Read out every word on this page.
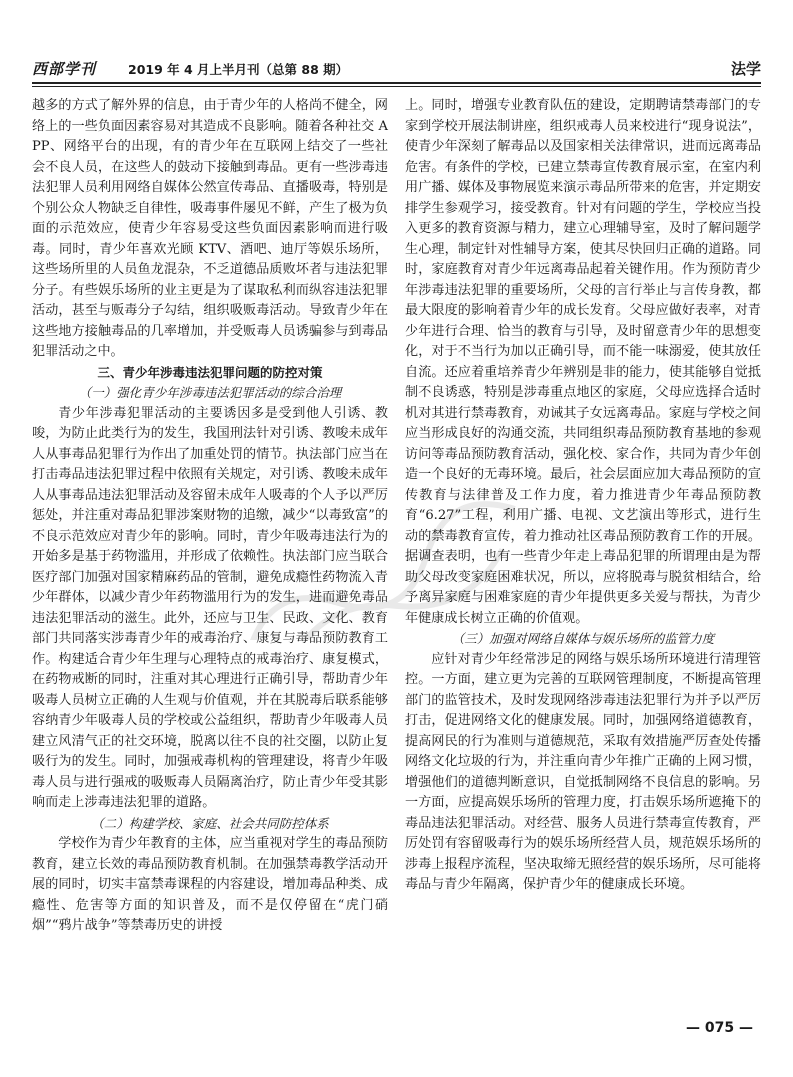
西部学刊	2019 年 4 月上半月刊（总第 88 期）	法学

越多的方式了解外界的信息，由于青少年的人格尚不健全，网络上的一些负面因素容易对其造成不良影响。随着各种社交 APP、网络平台的出现，有的青少年在互联网上结交了一些社会不良人员，在这些人的鼓动下接触到毒品。更有一些涉毒违法犯罪人员利用网络自媒体公然宣传毒品、直播吸毒，特别是个别公众人物缺乏自律性，吸毒事件屡见不鲜，产生了极为负面的示范效应，使青少年容易受这些负面因素影响而进行吸毒。同时，青少年喜欢光顾 KTV、酒吧、迪厅等娱乐场所，这些场所里的人员鱼龙混杂，不乏道德品质败坏者与违法犯罪分子。有些娱乐场所的业主更是为了谋取私利而纵容违法犯罪活动，甚至与贩毒分子勾结，组织吸贩毒活动。导致青少年在这些地方接触毒品的几率增加，并受贩毒人员诱骗参与到毒品犯罪活动之中。

三、青少年涉毒违法犯罪问题的防控对策

（一）强化青少年涉毒违法犯罪活动的综合治理

青少年涉毒犯罪活动的主要诱因多是受到他人引诱、教唆，为防止此类行为的发生，我国刑法针对引诱、教唆未成年人从事毒品犯罪行为作出了加重处罚的情节。执法部门应当在打击毒品违法犯罪过程中依照有关规定，对引诱、教唆未成年人从事毒品违法犯罪活动及容留未成年人吸毒的个人予以严厉惩处，并注重对毒品犯罪涉案财物的追缴，减少“以毒致富”的不良示范效应对青少年的影响。同时，青少年吸毒违法行为的开始多是基于药物滥用，并形成了依赖性。执法部门应当联合医疗部门加强对国家精麻药品的管制，避免成瘾性药物流入青少年群体，以减少青少年药物滥用行为的发生，进而避免毒品违法犯罪活动的滋生。此外，还应与卫生、民政、文化、教育部门共同落实涉毒青少年的戒毒治疗、康复与毒品预防教育工作。构建适合青少年生理与心理特点的戒毒治疗、康复模式，在药物戒断的同时，注重对其心理进行正确引导，帮助青少年吸毒人员树立正确的人生观与价值观，并在其脱毒后联系能够容纳青少年吸毒人员的学校或公益组织，帮助青少年吸毒人员建立风清气正的社交环境，脱离以往不良的社交圈，以防止复吸行为的发生。同时，加强戒毒机构的管理建设，将青少年吸毒人员与进行强戒的吸贩毒人员隔离治疗，防止青少年受其影响而走上涉毒违法犯罪的道路。

（二）构建学校、家庭、社会共同防控体系

学校作为青少年教育的主体，应当重视对学生的毒品预防教育，建立长效的毒品预防教育机制。在加强禁毒教学活动开展的同时，切实丰富禁毒课程的内容建设，增加毒品种类、成瘾性、危害等方面的知识普及，而不是仅停留在“虎门硝烟”“鸦片战争”等禁毒历史的讲授

上。同时，增强专业教育队伍的建设，定期聘请禁毒部门的专家到学校开展法制讲座，组织戒毒人员来校进行“现身说法”，使青少年深刻了解毒品以及国家相关法律常识，进而远离毒品危害。有条件的学校，已建立禁毒宣传教育展示室，在室内利用广播、媒体及事物展览来演示毒品所带来的危害，并定期安排学生参观学习，接受教育。针对有问题的学生，学校应当投入更多的教育资源与精力，建立心理辅导室，及时了解问题学生心理，制定针对性辅导方案，使其尽快回归正确的道路。同时，家庭教育对青少年远离毒品起着关键作用。作为预防青少年涉毒违法犯罪的重要场所，父母的言行举止与言传身教，都最大限度的影响着青少年的成长发育。父母应做好表率，对青少年进行合理、恰当的教育与引导，及时留意青少年的思想变化，对于不当行为加以正确引导，而不能一味溺爱，使其放任自流。还应着重培养青少年辨别是非的能力，使其能够自觉抵制不良诱惑，特别是涉毒重点地区的家庭，父母应选择合适时机对其进行禁毒教育，劝诫其子女远离毒品。家庭与学校之间应当形成良好的沟通交流，共同组织毒品预防教育基地的参观访问等毒品预防教育活动，强化校、家合作，共同为青少年创造一个良好的无毒环境。最后，社会层面应加大毒品预防的宣传教育与法律普及工作力度，着力推进青少年毒品预防教育“6.27”工程，利用广播、电视、文艺演出等形式，进行生动的禁毒教育宣传，着力推动社区毒品预防教育工作的开展。据调查表明，也有一些青少年走上毒品犯罪的所谓理由是为帮助父母改变家庭困难状况，所以，应将脱毒与脱贫相结合，给予离异家庭与困难家庭的青少年提供更多关爱与帮扶，为青少年健康成长树立正确的价值观。

（三）加强对网络自媒体与娱乐场所的监管力度

应针对青少年经常涉足的网络与娱乐场所环境进行清理管控。一方面，建立更为完善的互联网管理制度，不断提高管理部门的监管技术，及时发现网络涉毒违法犯罪行为并予以严厉打击，促进网络文化的健康发展。同时，加强网络道德教育，提高网民的行为准则与道德规范，采取有效措施严厉查处传播网络文化垃圾的行为，并注重向青少年推广正确的上网习惯，增强他们的道德判断意识，自觉抵制网络不良信息的影响。另一方面，应提高娱乐场所的管理力度，打击娱乐场所遮掩下的毒品违法犯罪活动。对经营、服务人员进行禁毒宣传教育，严厉处罚有容留吸毒行为的娱乐场所经营人员，规范娱乐场所的涉毒上报程序流程，坚决取缔无照经营的娱乐场所，尽可能将毒品与青少年隔离，保护青少年的健康成长环境。

— 075 —
